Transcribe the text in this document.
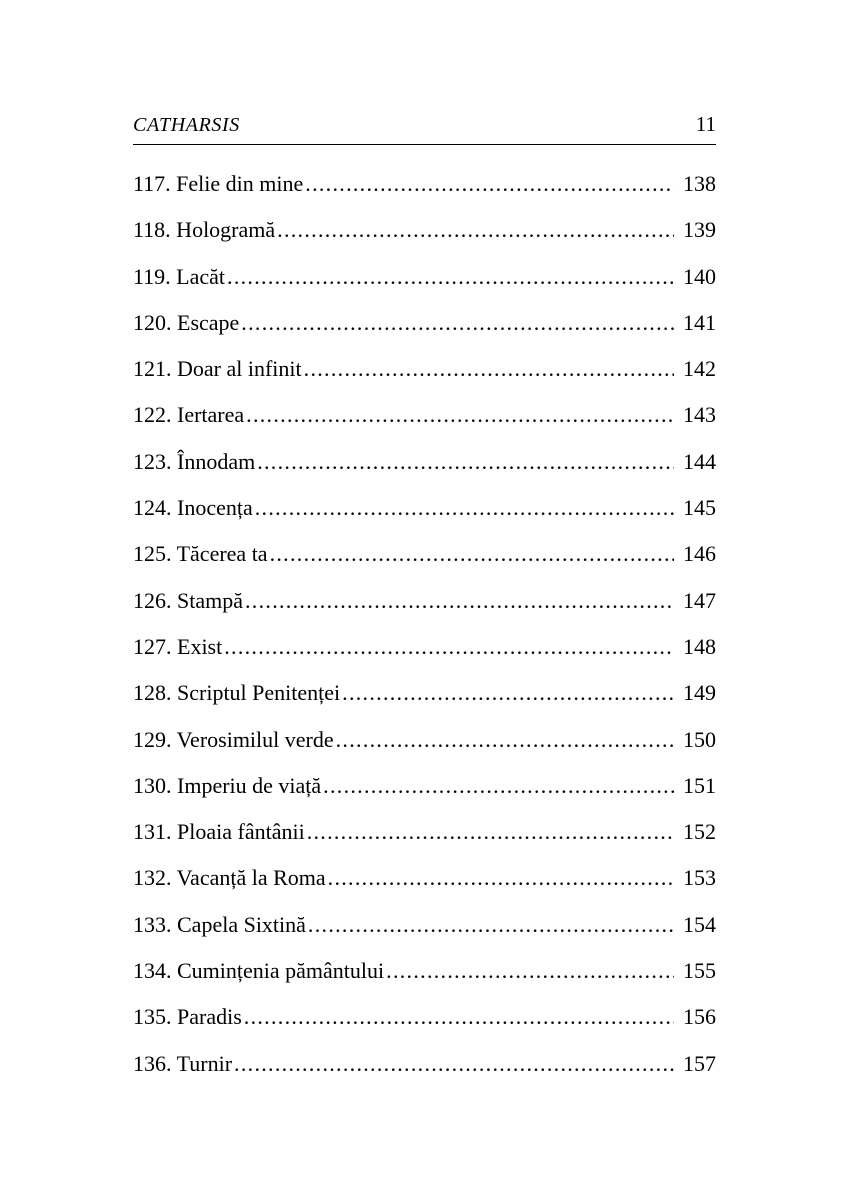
CATHARSIS	11
117. Felie din mine .....	138
118. Hologramă .....	139
119. Lacăt .....	140
120. Escape .....	141
121. Doar al infinit .....	142
122. Iertarea .....	143
123. Înnodam .....	144
124. Inocența .....	145
125. Tăcerea ta .....	146
126. Stampă .....	147
127. Exist .....	148
128. Scriptul Penitenței .....	149
129. Verosimilul verde .....	150
130. Imperiu de viață .....	151
131. Ploaia fântânii .....	152
132. Vacanță la Roma .....	153
133. Capela Sixtină .....	154
134. Cumințenia pământului .....	155
135. Paradis .....	156
136. Turnir .....	157
